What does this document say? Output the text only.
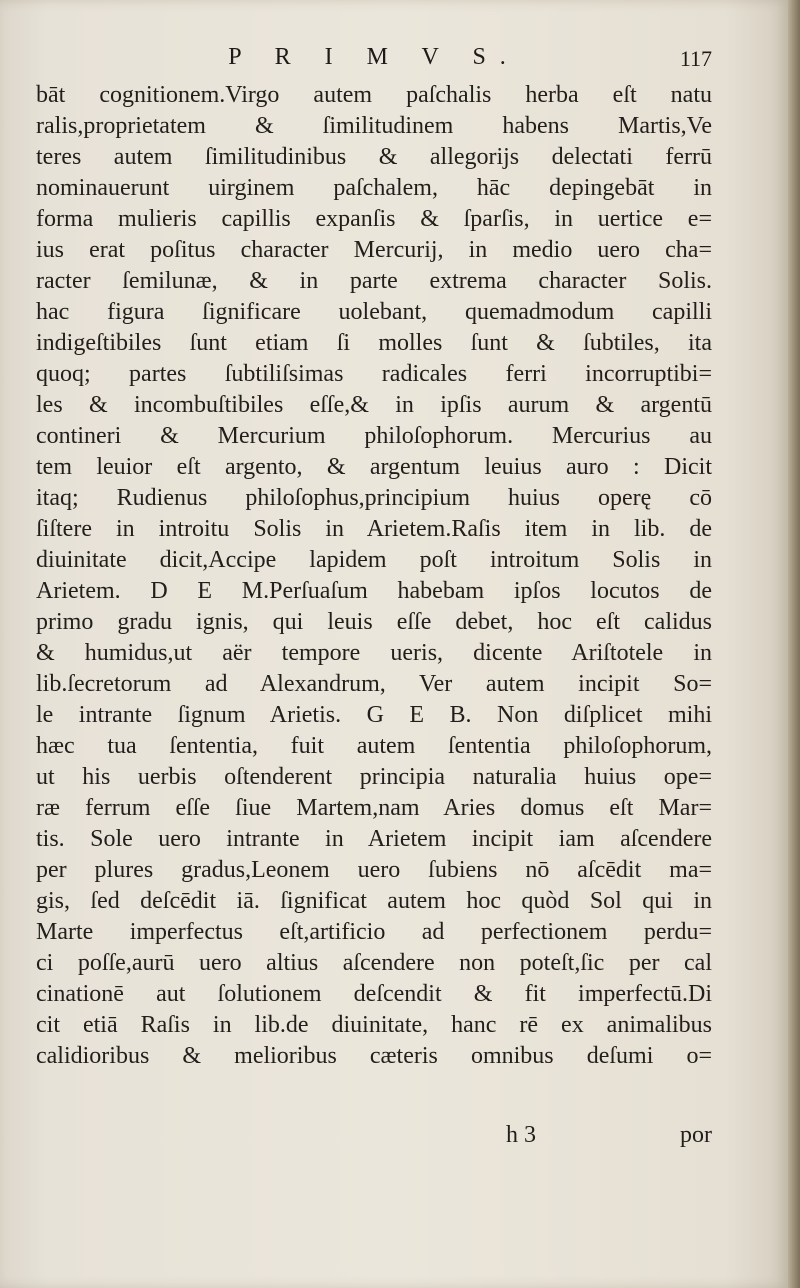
P R I M V S.	117
bāt cognitionem.Virgo autem paſchalis herba eſt natu
ralis,proprietatem & ſimilitudinem habens Martis,Ve
teres autem ſimilitudinibus & allegorĳs delectati ferrū
nominauerunt uirginem paſchalem, hāc depingebāt in
forma mulieris capillis expanſis & ſparſis, in uertice e=
ius erat poſitus character Mercurĳ, in medio uero cha=
racter ſemilunæ, & in parte extrema character Solis.
hac figura ſignificare uolebant, quemadmodum capilli
indigeſtibiles ſunt etiam ſi molles ſunt & ſubtiles, ita
quoq; partes ſubtiliſsimas radicales ferri incorruptibi=
les & incombuſtibiles eſſe,& in ipſis aurum & argentū
contineri & Mercurium philoſophorum. Mercurius au
tem leuior eſt argento, & argentum leuius auro : Dicit
itaq; Rudienus philoſophus,principium huius operę cō
ſiſtere in introitu Solis in Arietem.Raſis item in lib. de
diuinitate dicit,Accipe lapidem poſt introitum Solis in
Arietem. D E M.Perſuaſum habebam ipſos locutos de
primo gradu ignis, qui leuis eſſe debet, hoc eſt calidus
& humidus,ut aër tempore ueris, dicente Ariſtotele in
lib.ſecretorum ad Alexandrum, Ver autem incipit So=
le intrante ſignum Arietis. G E B. Non diſplicet mihi
hæc tua ſententia, fuit autem ſententia philoſophorum,
ut his uerbis oſtenderent principia naturalia huius ope=
ræ ferrum eſſe ſiue Martem,nam Aries domus eſt Mar=
tis. Sole uero intrante in Arietem incipit iam aſcendere
per plures gradus,Leonem uero ſubiens nō aſcēdit ma=
gis, ſed deſcēdit iā. ſignificat autem hoc quòd Sol qui in
Marte imperfectus eſt,artificio ad perfectionem perdu=
ci poſſe,aurū uero altius aſcendere non poteſt,ſic per cal
cinationē aut ſolutionem deſcendit & fit imperfectū.Di
cit etiā Raſis in lib.de diuinitate, hanc rē ex animalibus
calidioribus & melioribus cæteris omnibus deſumi o=
h 3	por
